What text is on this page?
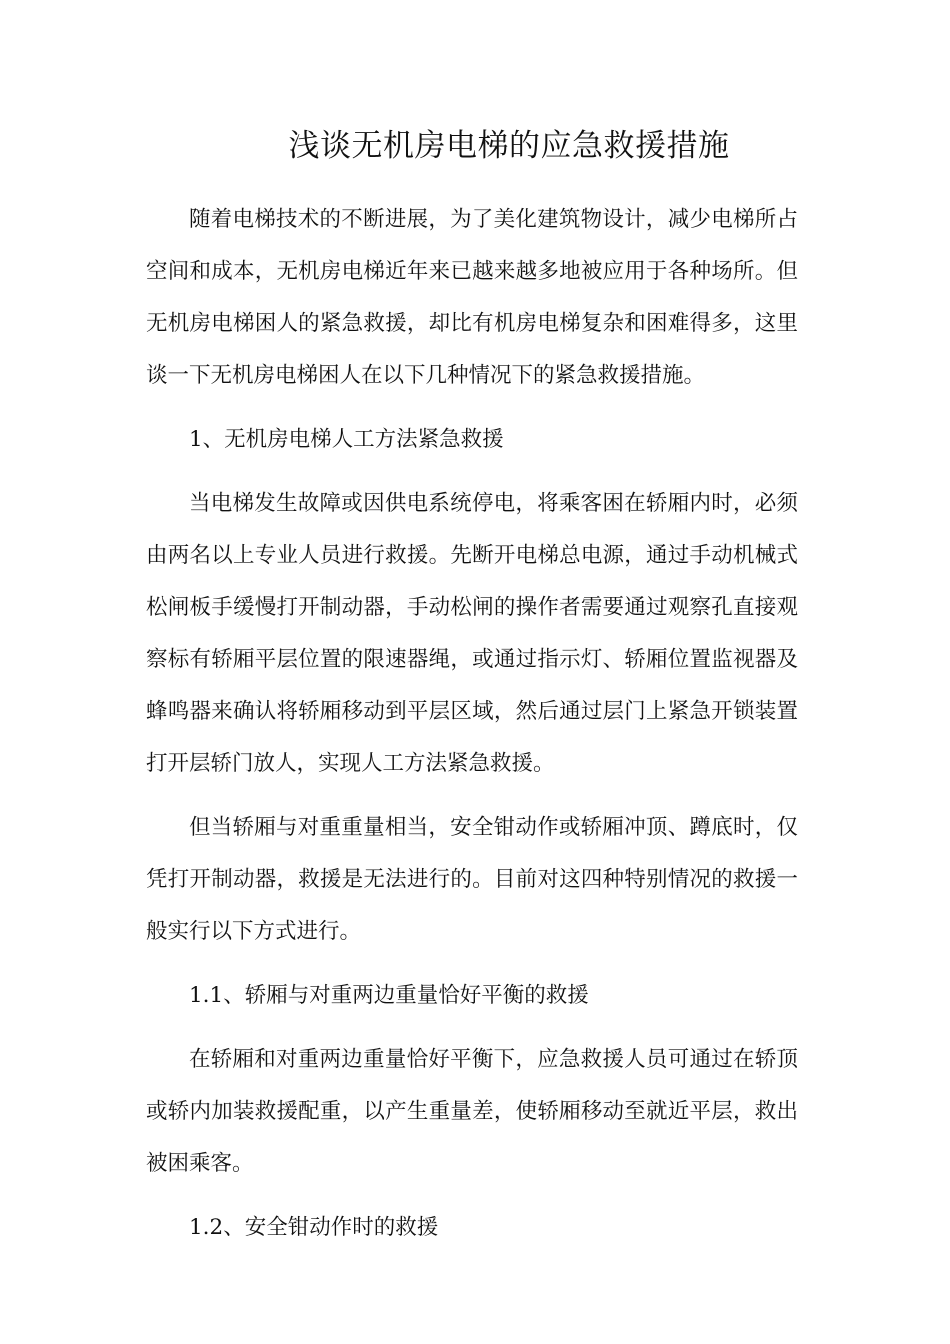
浅谈无机房电梯的应急救援措施

随着电梯技术的不断进展，为了美化建筑物设计，减少电梯所占空间和成本，无机房电梯近年来已越来越多地被应用于各种场所。但无机房电梯困人的紧急救援，却比有机房电梯复杂和困难得多，这里谈一下无机房电梯困人在以下几种情况下的紧急救援措施。

1、无机房电梯人工方法紧急救援

当电梯发生故障或因供电系统停电，将乘客困在轿厢内时，必须由两名以上专业人员进行救援。先断开电梯总电源，通过手动机械式松闸板手缓慢打开制动器，手动松闸的操作者需要通过观察孔直接观察标有轿厢平层位置的限速器绳，或通过指示灯、轿厢位置监视器及蜂鸣器来确认将轿厢移动到平层区域，然后通过层门上紧急开锁装置打开层轿门放人，实现人工方法紧急救援。

但当轿厢与对重重量相当，安全钳动作或轿厢冲顶、蹲底时，仅凭打开制动器，救援是无法进行的。目前对这四种特别情况的救援一般实行以下方式进行。

1.1、轿厢与对重两边重量恰好平衡的救援

在轿厢和对重两边重量恰好平衡下，应急救援人员可通过在轿顶或轿内加装救援配重，以产生重量差，使轿厢移动至就近平层，救出被困乘客。

1.2、安全钳动作时的救援
